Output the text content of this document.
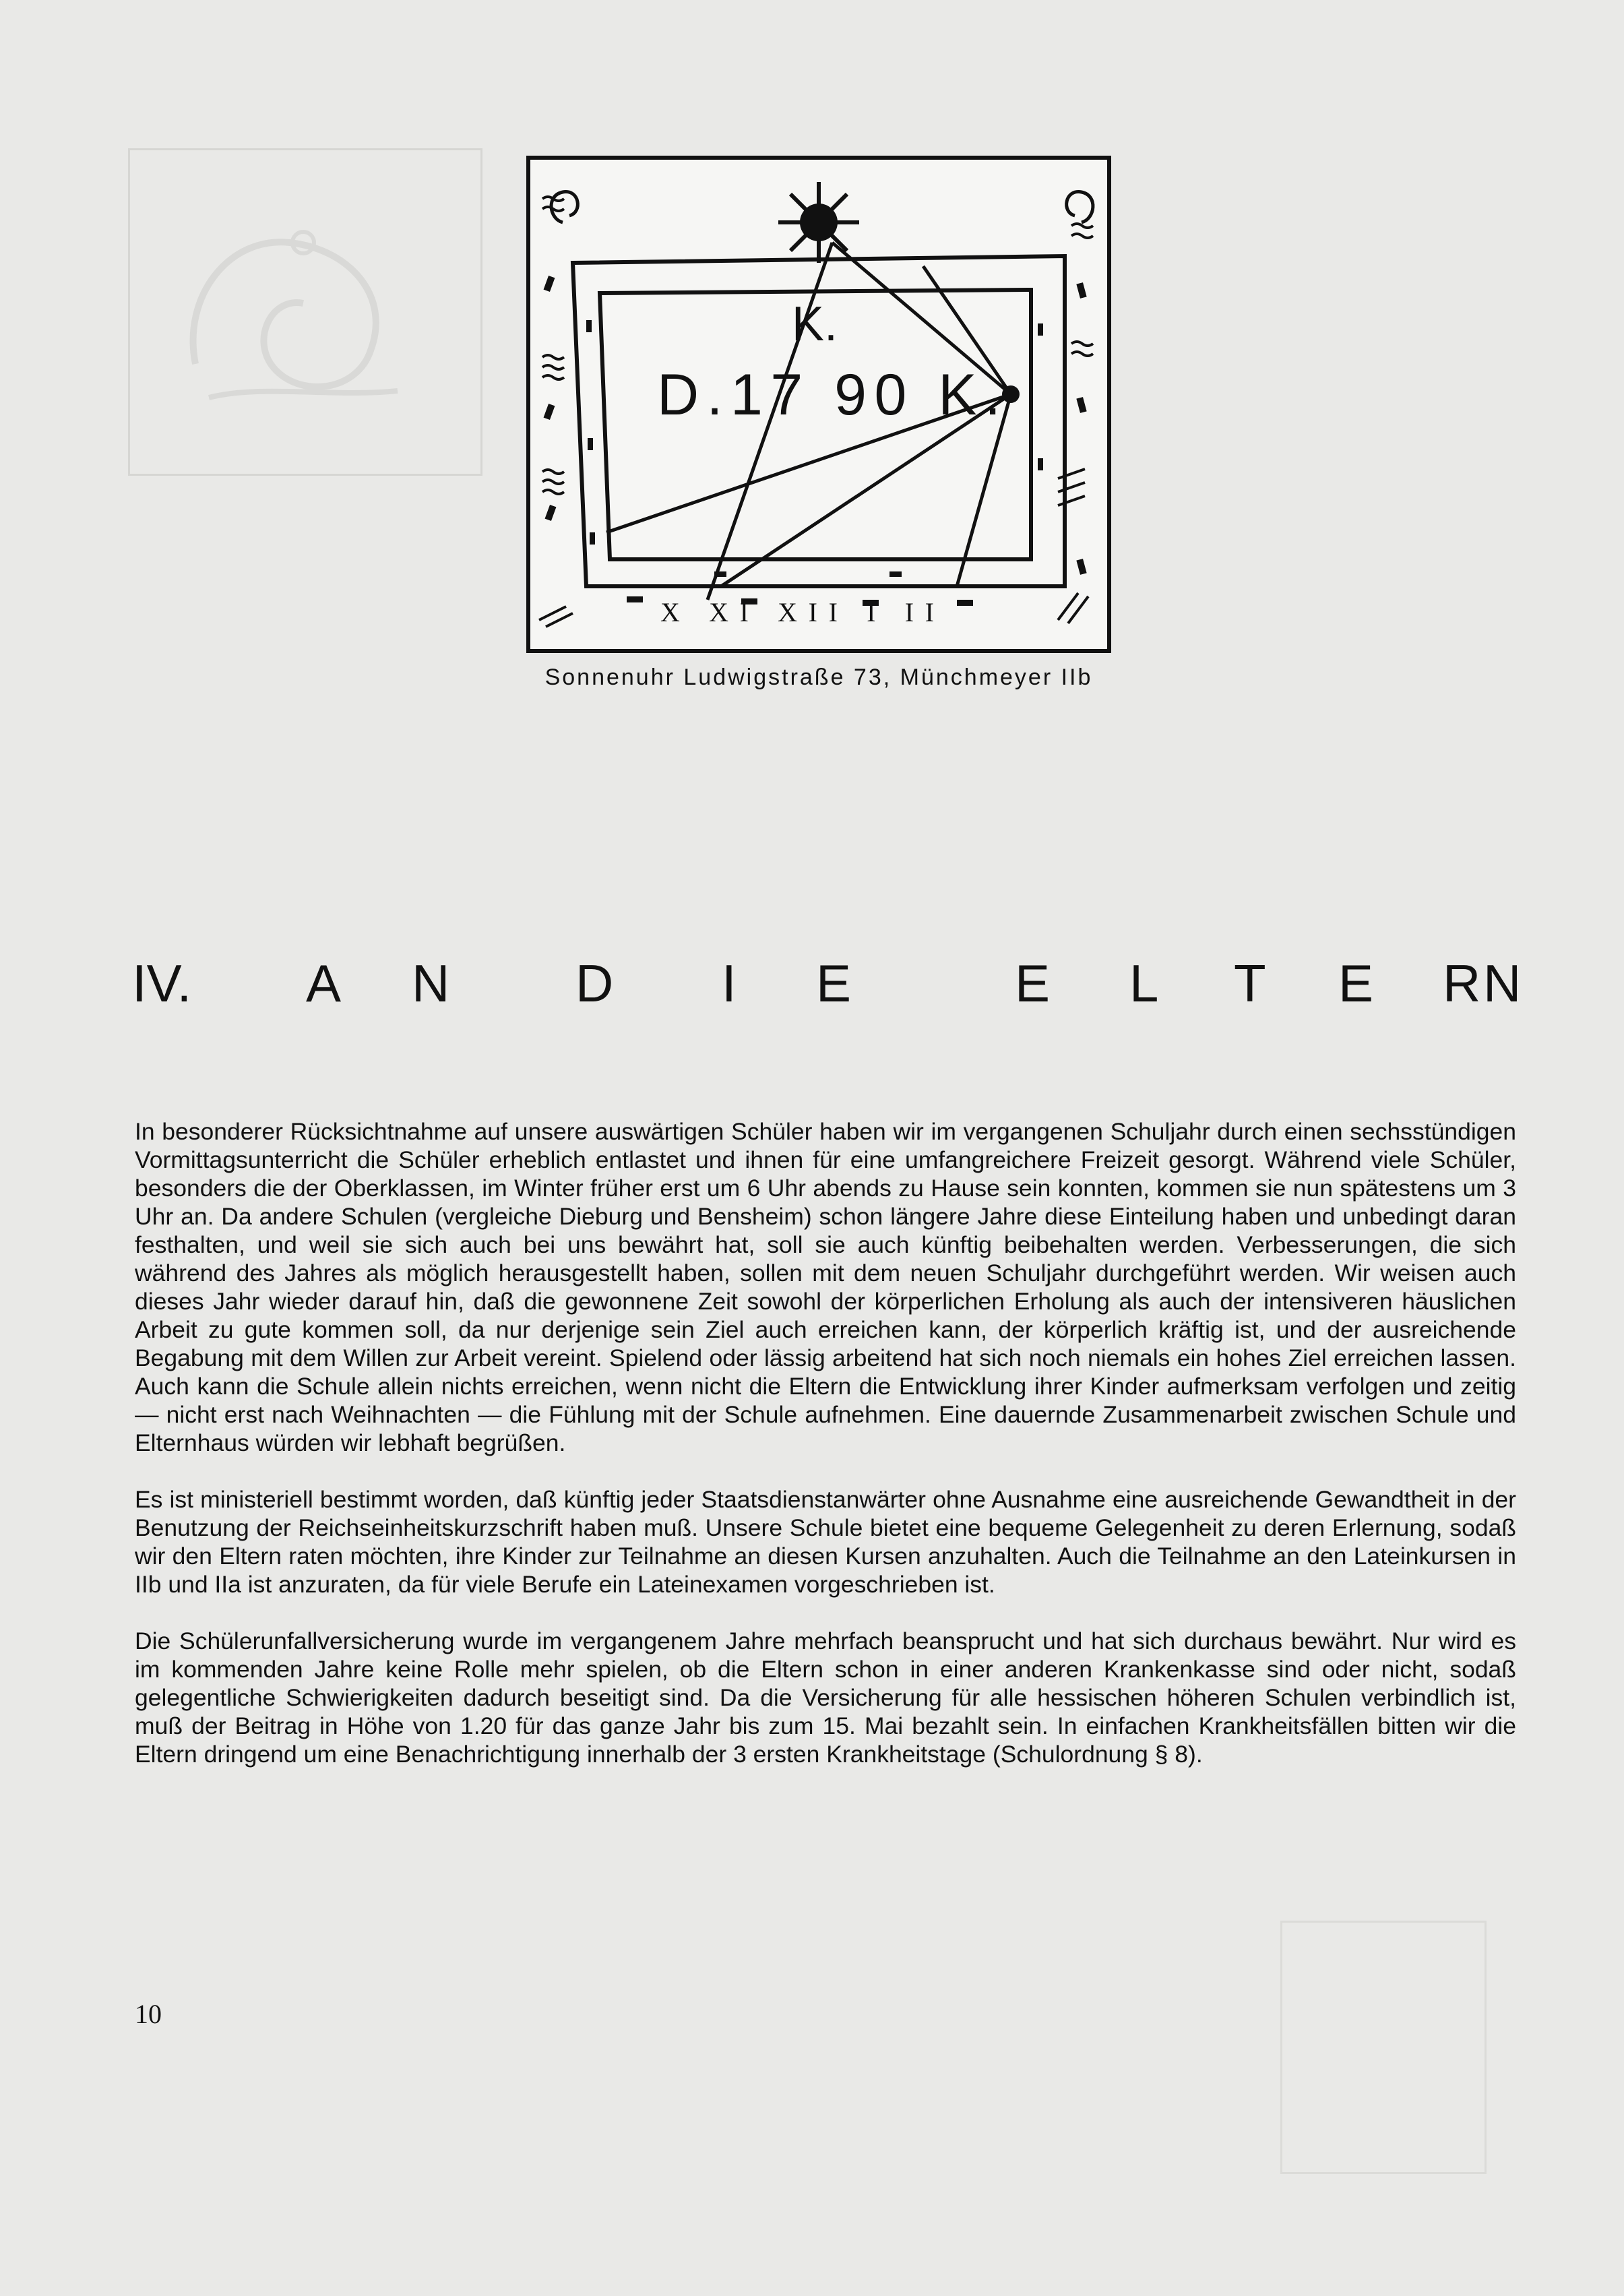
K.
D.17 90 K.
X XI XII I II
Sonnenuhr Ludwigstraße 73, Münchmeyer IIb
IV. A N D I E	E L T E R N

In besonderer Rücksichtnahme auf unsere auswärtigen Schüler haben wir im vergangenen Schuljahr durch einen sechsstündigen Vormittagsunterricht die Schüler erheblich entlastet und ihnen für eine umfangreichere Freizeit gesorgt. Während viele Schüler, besonders die der Oberklassen, im Winter früher erst um 6 Uhr abends zu Hause sein konnten, kommen sie nun spätestens um 3 Uhr an. Da andere Schulen (vergleiche Dieburg und Bensheim) schon längere Jahre diese Einteilung haben und unbedingt daran festhalten, und weil sie sich auch bei uns bewährt hat, soll sie auch künftig beibehalten werden. Verbesserungen, die sich während des Jahres als möglich herausgestellt haben, sollen mit dem neuen Schuljahr durchgeführt werden. Wir weisen auch dieses Jahr wieder darauf hin, daß die gewonnene Zeit sowohl der körperlichen Erholung als auch der intensiveren häuslichen Arbeit zu gute kommen soll, da nur derjenige sein Ziel auch erreichen kann, der körperlich kräftig ist, und der ausreichende Begabung mit dem Willen zur Arbeit vereint. Spielend oder lässig arbeitend hat sich noch niemals ein hohes Ziel erreichen lassen. Auch kann die Schule allein nichts erreichen, wenn nicht die Eltern die Entwicklung ihrer Kinder aufmerksam verfolgen und zeitig — nicht erst nach Weihnachten — die Fühlung mit der Schule aufnehmen. Eine dauernde Zusammenarbeit zwischen Schule und Elternhaus würden wir lebhaft begrüßen.

Es ist ministeriell bestimmt worden, daß künftig jeder Staatsdienstanwärter ohne Ausnahme eine ausreichende Gewandtheit in der Benutzung der Reichseinheitskurzschrift haben muß. Unsere Schule bietet eine bequeme Gelegenheit zu deren Erlernung, sodaß wir den Eltern raten möchten, ihre Kinder zur Teilnahme an diesen Kursen anzuhalten. Auch die Teilnahme an den Lateinkursen in IIb und IIa ist anzuraten, da für viele Berufe ein Lateinexamen vorgeschrieben ist.

Die Schülerunfallversicherung wurde im vergangenem Jahre mehrfach beansprucht und hat sich durchaus bewährt. Nur wird es im kommenden Jahre keine Rolle mehr spielen, ob die Eltern schon in einer anderen Krankenkasse sind oder nicht, sodaß gelegentliche Schwierigkeiten dadurch beseitigt sind. Da die Versicherung für alle hessischen höheren Schulen verbindlich ist, muß der Beitrag in Höhe von 1.20 für das ganze Jahr bis zum 15. Mai bezahlt sein. In einfachen Krankheitsfällen bitten wir die Eltern dringend um eine Benachrichtigung innerhalb der 3 ersten Krankheitstage (Schulordnung § 8).

10
